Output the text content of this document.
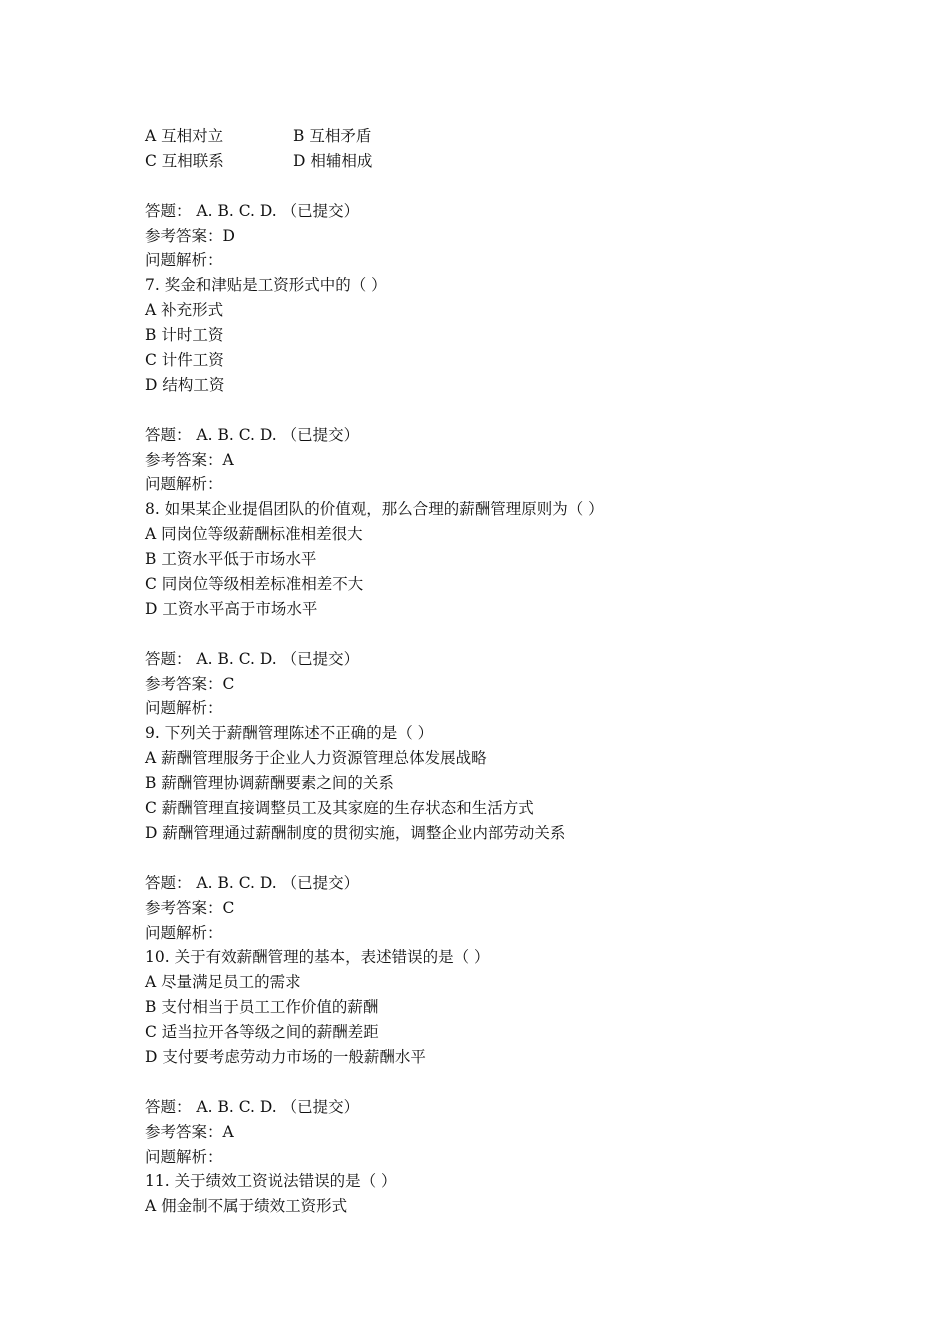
A 互相对立	B 互相矛盾
C 互相联系	D 相辅相成
答题： A. B. C. D. （已提交）
参考答案：D
问题解析：
7. 奖金和津贴是工资形式中的（ ）
A 补充形式
B 计时工资
C 计件工资
D 结构工资
答题： A. B. C. D. （已提交）
参考答案：A
问题解析：
8. 如果某企业提倡团队的价值观，那么合理的薪酬管理原则为（ ）
A 同岗位等级薪酬标准相差很大
B 工资水平低于市场水平
C 同岗位等级相差标准相差不大
D 工资水平高于市场水平
答题： A. B. C. D. （已提交）
参考答案：C
问题解析：
9. 下列关于薪酬管理陈述不正确的是（ ）
A 薪酬管理服务于企业人力资源管理总体发展战略
B 薪酬管理协调薪酬要素之间的关系
C 薪酬管理直接调整员工及其家庭的生存状态和生活方式
D 薪酬管理通过薪酬制度的贯彻实施，调整企业内部劳动关系
答题： A. B. C. D. （已提交）
参考答案：C
问题解析：
10. 关于有效薪酬管理的基本，表述错误的是（ ）
A 尽量满足员工的需求
B 支付相当于员工工作价值的薪酬
C 适当拉开各等级之间的薪酬差距
D 支付要考虑劳动力市场的一般薪酬水平
答题： A. B. C. D. （已提交）
参考答案：A
问题解析：
11. 关于绩效工资说法错误的是（ ）
A 佣金制不属于绩效工资形式
